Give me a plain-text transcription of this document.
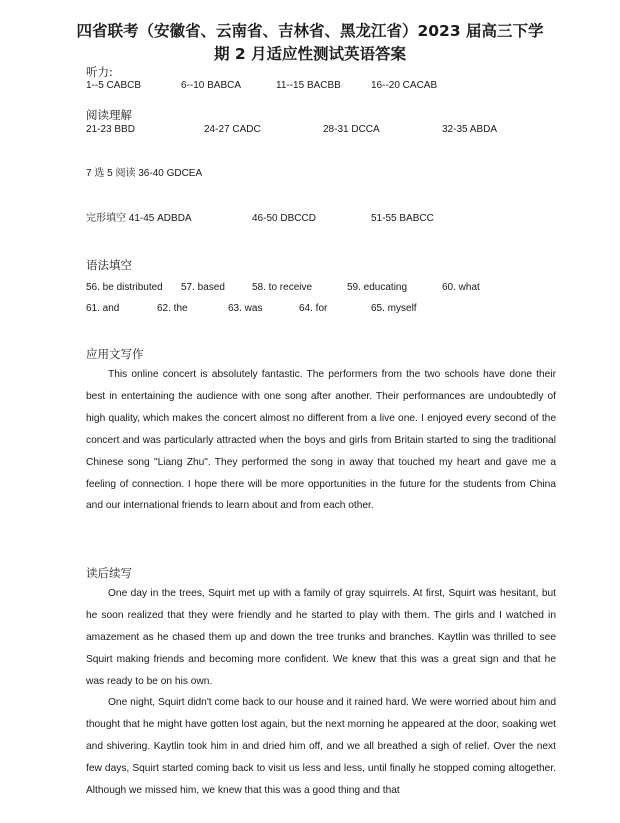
四省联考（安徽省、云南省、吉林省、黑龙江省）2023 届高三下学
期 2 月适应性测试英语答案
听力:
1--5 CABCB	6--10 BABCA	11--15 BACBB	16--20 CACAB
阅读理解
21-23 BBD	24-27 CADC	28-31 DCCA	32-35 ABDA
7 选 5 阅读 36-40 GDCEA
完形填空 41-45 ADBDA	46-50 DBCCD	51-55 BABCC
语法填空
56. be distributed 57. based	58. to receive	59. educating	60. what
61. and	62. the	63. was	64. for	65. myself
应用文写作

This online concert is absolutely fantastic. The performers from the two schools have done their best in entertaining the audience with one song after another. Their performances are undoubtedly of high quality, which makes the concert almost no different from a live one. I enjoyed every second of the concert and was particularly attracted when the boys and girls from Britain started to sing the traditional Chinese song "Liang Zhu". They performed the song in away that touched my heart and gave me a feeling of connection. I hope there will be more opportunities in the future for the students from China and our international friends to learn about and from each other.

读后续写

One day in the trees, Squirt met up with a family of gray squirrels. At first, Squirt was hesitant, but he soon realized that they were friendly and he started to play with them. The girls and I watched in amazement as he chased them up and down the tree trunks and branches. Kaytlin was thrilled to see Squirt making friends and becoming more confident. We knew that this was a great sign and that he was ready to be on his own.

One night, Squirt didn't come back to our house and it rained hard. We were worried about him and thought that he might have gotten lost again, but the next morning he appeared at the door, soaking wet and shivering. Kaytlin took him in and dried him off, and we all breathed a sigh of relief. Over the next few days, Squirt started coming back to visit us less and less, until finally he stopped coming altogether. Although we missed him, we knew that this was a good thing and that
